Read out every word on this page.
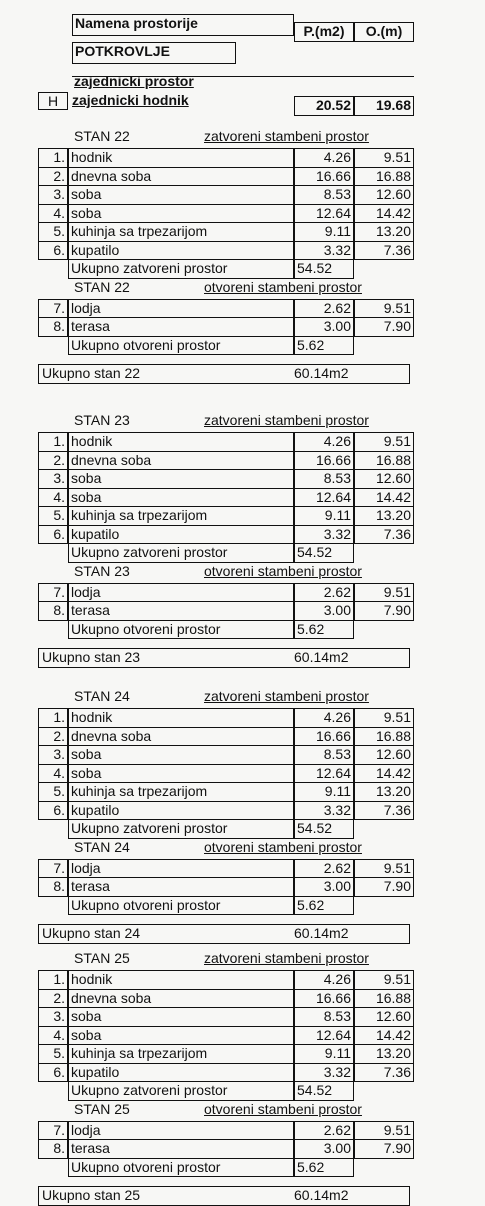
Namena prostorije	P.(m2)	O.(m)
POTKROVLJE
zajednicki prostor
H zajednicki hodnik	20.52	19.68
STAN 22	zatvoreni stambeni prostor
1. hodnik	4.26	9.51
2. dnevna soba	16.66	16.88
3. soba	8.53	12.60
4. soba	12.64	14.42
5. kuhinja sa trpezarijom	9.11	13.20
6. kupatilo	3.32	7.36
Ukupno zatvoreni prostor	54.52
STAN 22	otvoreni stambeni prostor
7. lodja	2.62	9.51
8. terasa	3.00	7.90
Ukupno otvoreni prostor	5.62
Ukupno stan 22	60.14m2
STAN 23	zatvoreni stambeni prostor
1. hodnik	4.26	9.51
2. dnevna soba	16.66	16.88
3. soba	8.53	12.60
4. soba	12.64	14.42
5. kuhinja sa trpezarijom	9.11	13.20
6. kupatilo	3.32	7.36
Ukupno zatvoreni prostor	54.52
STAN 23	otvoreni stambeni prostor
7. lodja	2.62	9.51
8. terasa	3.00	7.90
Ukupno otvoreni prostor	5.62
Ukupno stan 23	60.14m2
STAN 24	zatvoreni stambeni prostor
1. hodnik	4.26	9.51
2. dnevna soba	16.66	16.88
3. soba	8.53	12.60
4. soba	12.64	14.42
5. kuhinja sa trpezarijom	9.11	13.20
6. kupatilo	3.32	7.36
Ukupno zatvoreni prostor	54.52
STAN 24	otvoreni stambeni prostor
7. lodja	2.62	9.51
8. terasa	3.00	7.90
Ukupno otvoreni prostor	5.62
Ukupno stan 24	60.14m2
STAN 25	zatvoreni stambeni prostor
1. hodnik	4.26	9.51
2. dnevna soba	16.66	16.88
3. soba	8.53	12.60
4. soba	12.64	14.42
5. kuhinja sa trpezarijom	9.11	13.20
6. kupatilo	3.32	7.36
Ukupno zatvoreni prostor	54.52
STAN 25	otvoreni stambeni prostor
7. lodja	2.62	9.51
8. terasa	3.00	7.90
Ukupno otvoreni prostor	5.62
Ukupno stan 25	60.14m2
